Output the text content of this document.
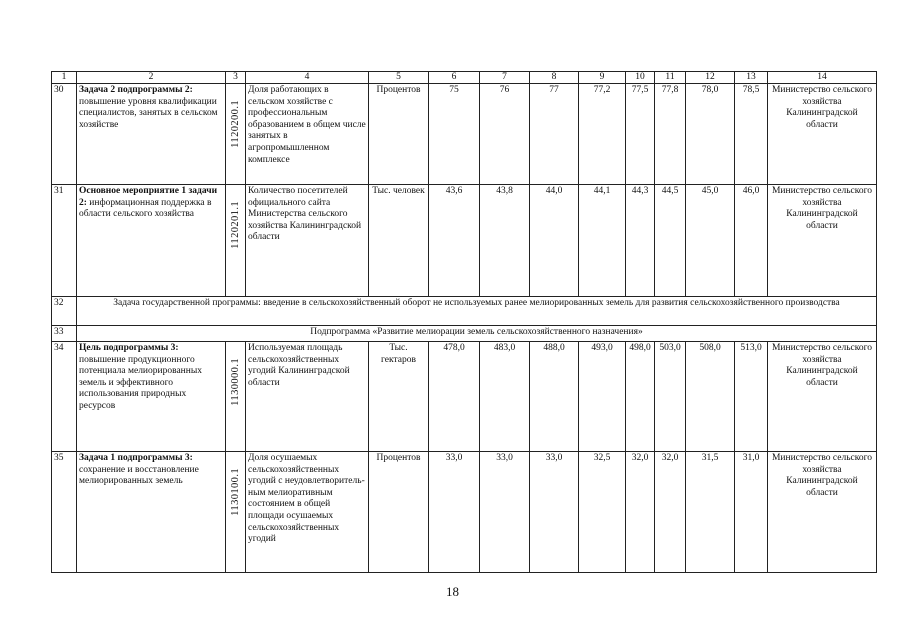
1	2	3	4	5	6	7	8	9	10	11	12	13	14
30	Задача 2 подпрограммы 2: повышение уровня квалификации специалистов, занятых в сельском хозяйстве	1120200.1	Доля работающих в сельском хозяйстве с профессиональным образованием в общем числе занятых в агропромышленном комплексе	Процентов	75	76	77	77,2	77,5	77,8	78,0	78,5	Министерство сельского хозяйства Калининградской области
31	Основное мероприятие 1 задачи 2: информационная поддержка в области сельского хозяйства	1120201.1	Количество посетителей официального сайта Министерства сельского хозяйства Калининградской области	Тыс. человек	43,6	43,8	44,0	44,1	44,3	44,5	45,0	46,0	Министерство сельского хозяйства Калининградской области
32	Задача государственной программы: введение в сельскохозяйственный оборот не используемых ранее мелиорированных земель для развития сельскохозяйственного производства												
33	Подпрограмма «Развитие мелиорации земель сельскохозяйственного назначения»												
34	Цель подпрограммы 3: повышение продукционного потенциала мелиорированных земель и эффективного использования природных ресурсов	1130000.1	Используемая площадь сельскохозяйственных угодий Калининградской области	Тыс. гектаров	478,0	483,0	488,0	493,0	498,0	503,0	508,0	513,0	Министерство сельского хозяйства Калининградской области
35	Задача 1 подпрограммы 3: сохранение и восстановление мелиорированных земель	1130100.1	Доля осушаемых сельскохозяйственных угодий с неудовлетворитель-ным мелиоративным состоянием в общей площади осушаемых сельскохозяйственных угодий	Процентов	33,0	33,0	33,0	32,5	32,0	32,0	31,5	31,0	Министерство сельского хозяйства Калининградской области
18
